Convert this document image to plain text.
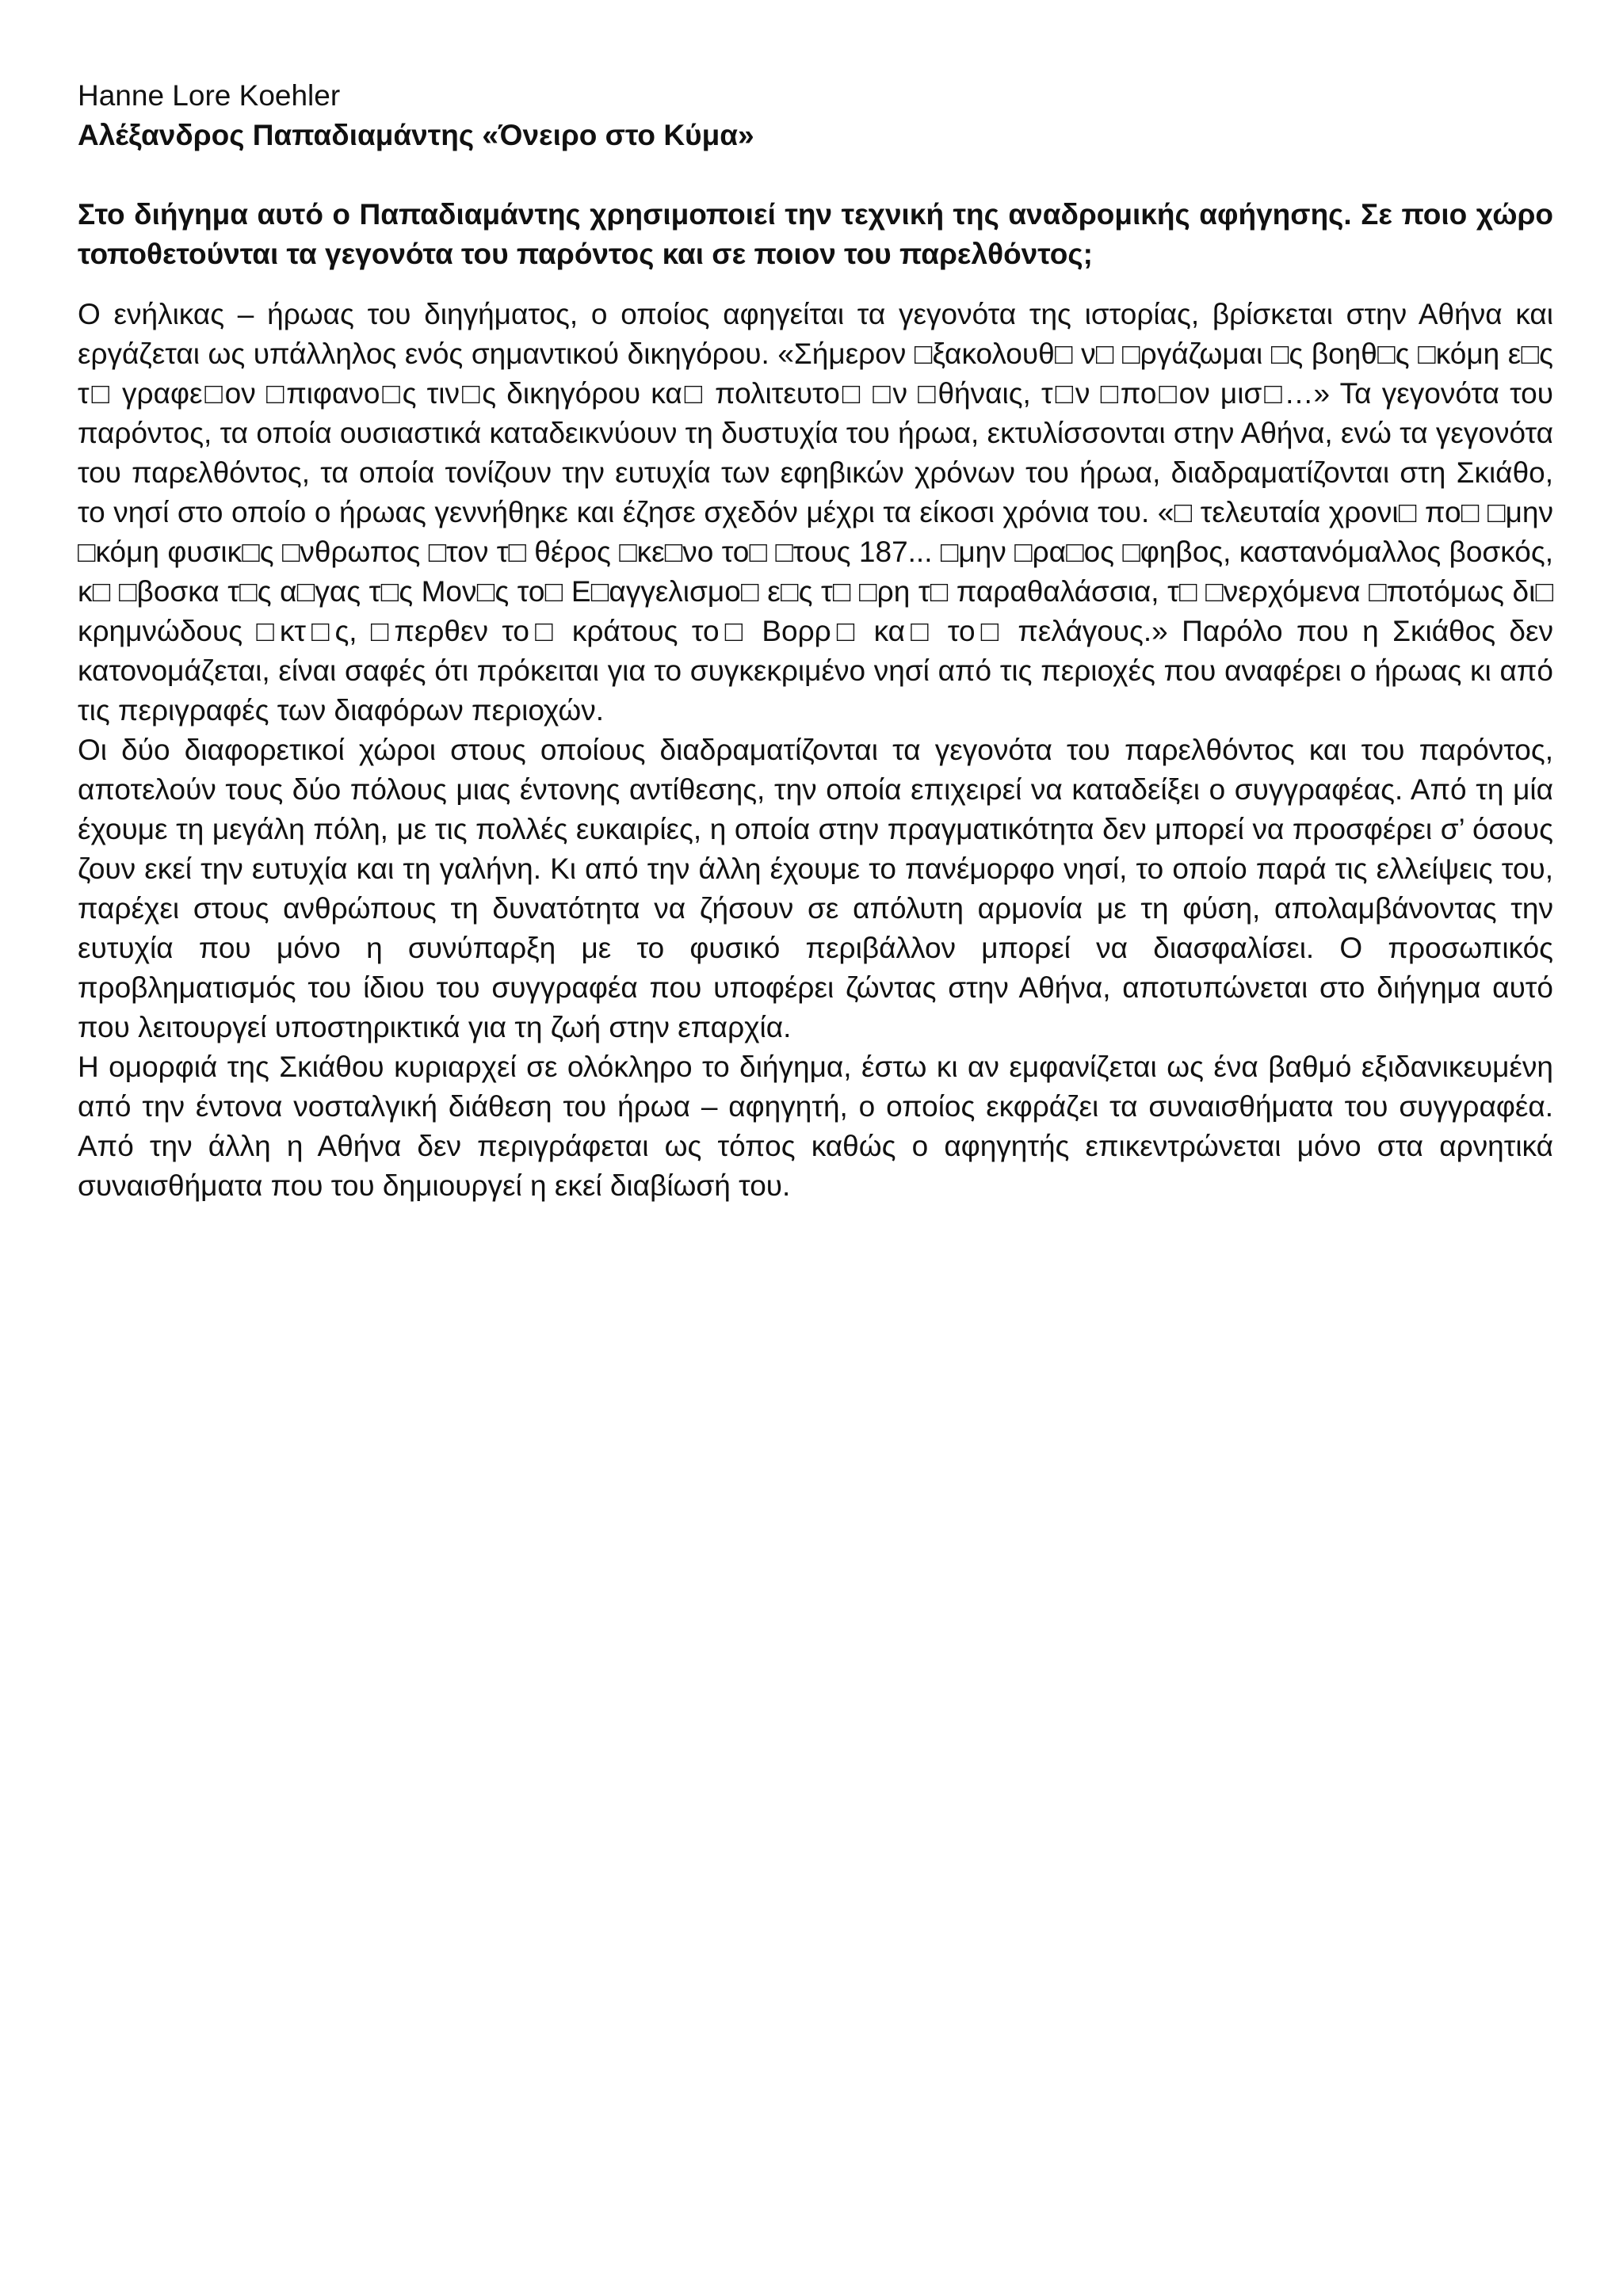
Hanne Lore Koehler

Αλέξανδρος Παπαδιαμάντης «Όνειρο στο Κύμα»

Στο διήγημα αυτό ο Παπαδιαμάντης χρησιμοποιεί την τεχνική της αναδρομικής αφήγησης. Σε ποιο χώρο τοποθετούνται τα γεγονότα του παρόντος και σε ποιον του παρελθόντος;

Ο ενήλικας – ήρωας του διηγήματος, ο οποίος αφηγείται τα γεγονότα της ιστορίας, βρίσκεται στην Αθήνα και εργάζεται ως υπάλληλος ενός σημαντικού δικηγόρου. «Σήμερον □ξακολουθ□ ν□ □ργάζωμαι □ς βοηθ□ς □κόμη ε□ς τ□ γραφε□ον □πιφανο□ς τιν□ς δικηγόρου κα□ πολιτευτο□ □ν □θήναις, τ□ν □πο□ον μισ□…» Τα γεγονότα του παρόντος, τα οποία ουσιαστικά καταδεικνύουν τη δυστυχία του ήρωα, εκτυλίσσονται στην Αθήνα, ενώ τα γεγονότα του παρελθόντος, τα οποία τονίζουν την ευτυχία των εφηβικών χρόνων του ήρωα, διαδραματίζονται στη Σκιάθο, το νησί στο οποίο ο ήρωας γεννήθηκε και έζησε σχεδόν μέχρι τα είκοσι χρόνια του. «□ τελευταία χρονι□ πο□ □μην □κόμη φυσικ□ς □νθρωπος □τον τ□ θέρος □κε□νο το□ □τους 187... □μην □ρα□ος □φηβος, καστανόμαλλος βοσκός, κ□ □βοσκα τ□ς α□γας τ□ς Μον□ς το□ Ε□αγγελισμο□ ε□ς τ□ □ρη τ□ παραθαλάσσια, τ□ □νερχόμενα □ποτόμως δι□ κρημνώδους □κτ□ς, □περθεν το□ κράτους το□ Βορρ□ κα□ το□ πελάγους.» Παρόλο που η Σκιάθος δεν κατονομάζεται, είναι σαφές ότι πρόκειται για το συγκεκριμένο νησί από τις περιοχές που αναφέρει ο ήρωας κι από τις περιγραφές των διαφόρων περιοχών.

Οι δύο διαφορετικοί χώροι στους οποίους διαδραματίζονται τα γεγονότα του παρελθόντος και του παρόντος, αποτελούν τους δύο πόλους μιας έντονης αντίθεσης, την οποία επιχειρεί να καταδείξει ο συγγραφέας. Από τη μία έχουμε τη μεγάλη πόλη, με τις πολλές ευκαιρίες, η οποία στην πραγματικότητα δεν μπορεί να προσφέρει σ’ όσους ζουν εκεί την ευτυχία και τη γαλήνη. Κι από την άλλη έχουμε το πανέμορφο νησί, το οποίο παρά τις ελλείψεις του, παρέχει στους ανθρώπους τη δυνατότητα να ζήσουν σε απόλυτη αρμονία με τη φύση, απολαμβάνοντας την ευτυχία που μόνο η συνύπαρξη με το φυσικό περιβάλλον μπορεί να διασφαλίσει. Ο προσωπικός προβληματισμός του ίδιου του συγγραφέα που υποφέρει ζώντας στην Αθήνα, αποτυπώνεται στο διήγημα αυτό που λειτουργεί υποστηρικτικά για τη ζωή στην επαρχία.

Η ομορφιά της Σκιάθου κυριαρχεί σε ολόκληρο το διήγημα, έστω κι αν εμφανίζεται ως ένα βαθμό εξιδανικευμένη από την έντονα νοσταλγική διάθεση του ήρωα – αφηγητή, ο οποίος εκφράζει τα συναισθήματα του συγγραφέα. Από την άλλη η Αθήνα δεν περιγράφεται ως τόπος καθώς ο αφηγητής επικεντρώνεται μόνο στα αρνητικά συναισθήματα που του δημιουργεί η εκεί διαβίωσή του.
